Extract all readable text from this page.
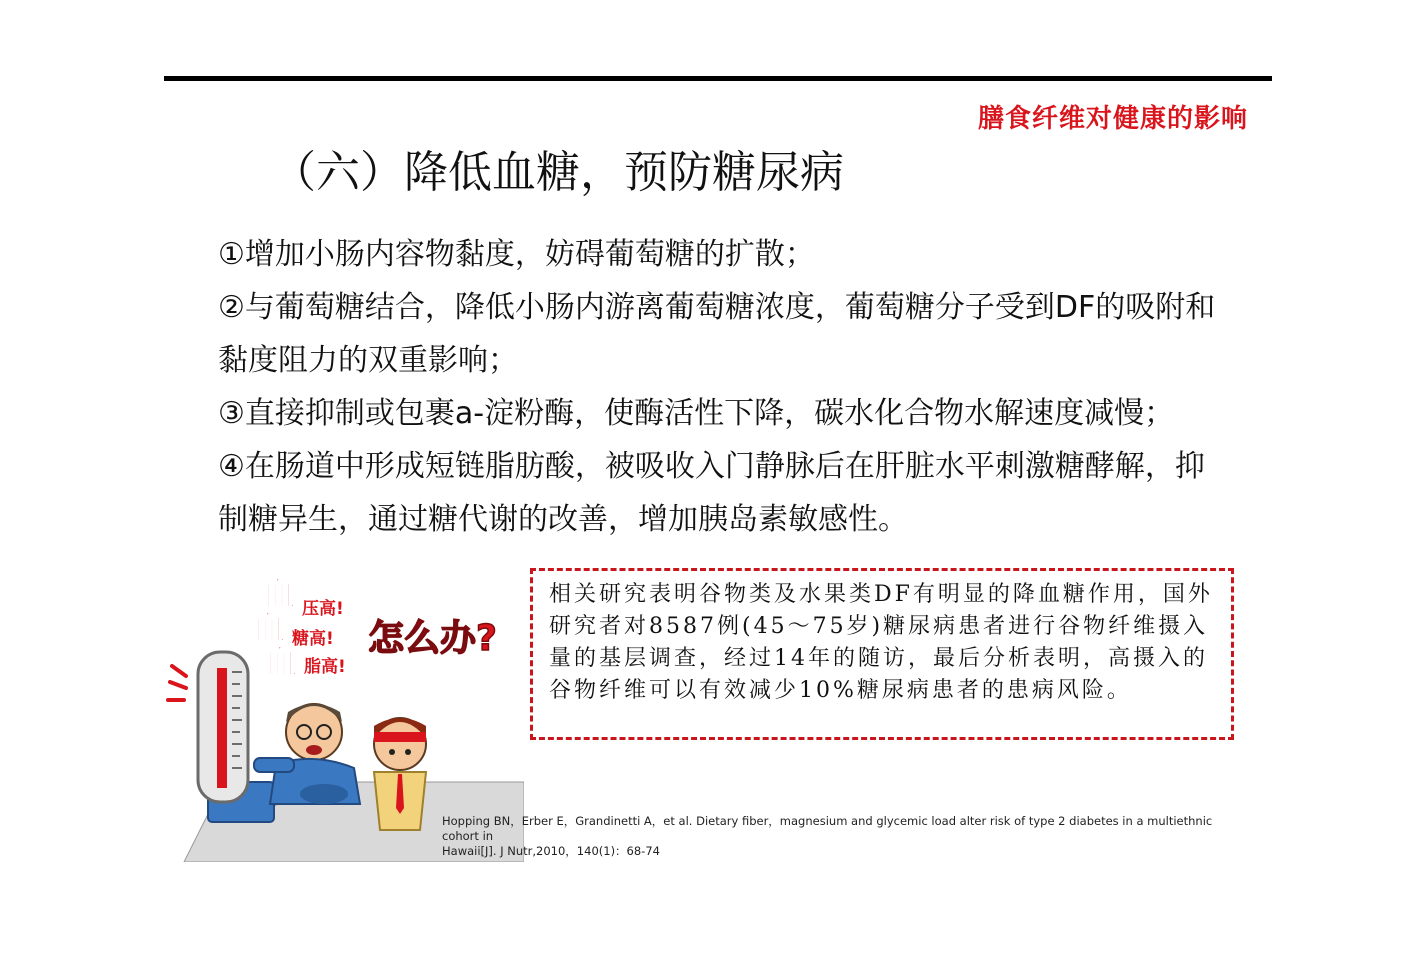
膳食纤维对健康的影响
（六）降低血糖，预防糖尿病

①增加小肠内容物黏度，妨碍葡萄糖的扩散；

②与葡萄糖结合，降低小肠内游离葡萄糖浓度，葡萄糖分子受到DF的吸附和黏度阻力的双重影响；

③直接抑制或包裹a-淀粉酶，使酶活性下降，碳水化合物水解速度减慢；

④在肠道中形成短链脂肪酸，被吸收入门静脉后在肝脏水平刺激糖酵解，抑制糖异生，通过糖代谢的改善，增加胰岛素敏感性。

血
血
血
压高!
糖高!
脂高!
怎么办?
相关研究表明谷物类及水果类DF有明显的降血糖作用，国外研究者对8587例(45～75岁)糖尿病患者进行谷物纤维摄入量的基层调查，经过14年的随访，最后分析表明，高摄入的谷物纤维可以有效减少10%糖尿病患者的患病风险。
Hopping BN，Erber E，Grandinetti A，et al. Dietary fiber，magnesium and glycemic load alter risk of type 2 diabetes in a multiethnic cohort in
Hawaii[J]. J Nutr,2010，140(1)：68-74
